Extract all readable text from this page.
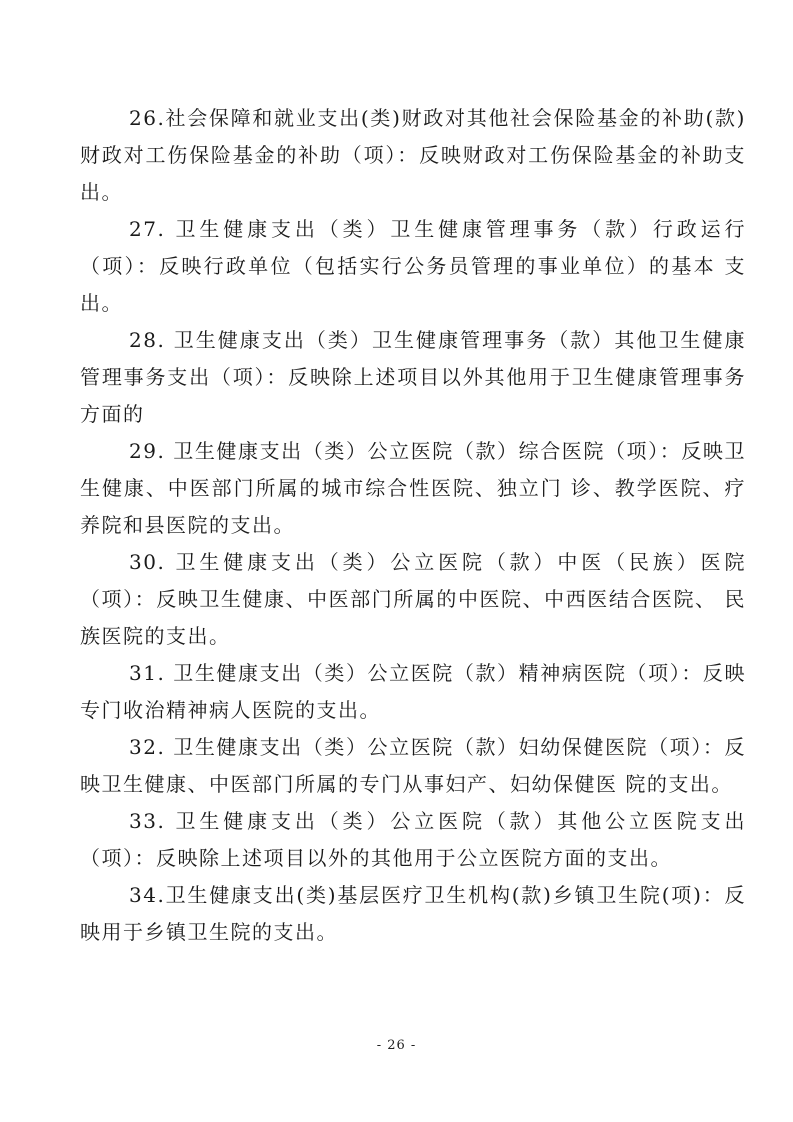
26.社会保障和就业支出(类)财政对其他社会保险基金的补助(款)财政对工伤保险基金的补助（项）：反映财政对工伤保险基金的补助支出。

27. 卫生健康支出（类）卫生健康管理事务（款）行政运行（项）：反映行政单位（包括实行公务员管理的事业单位）的基本 支出。

28. 卫生健康支出（类）卫生健康管理事务（款）其他卫生健康管理事务支出（项）：反映除上述项目以外其他用于卫生健康管理事务方面的

29. 卫生健康支出（类）公立医院（款）综合医院（项）：反映卫生健康、中医部门所属的城市综合性医院、独立门 诊、教学医院、疗养院和县医院的支出。

30. 卫生健康支出（类）公立医院（款）中医（民族）医院（项）：反映卫生健康、中医部门所属的中医院、中西医结合医院、 民族医院的支出。

31. 卫生健康支出（类）公立医院（款）精神病医院（项）：反映专门收治精神病人医院的支出。

32. 卫生健康支出（类）公立医院（款）妇幼保健医院（项）：反映卫生健康、中医部门所属的专门从事妇产、妇幼保健医 院的支出。

33. 卫生健康支出（类）公立医院（款）其他公立医院支出（项）：反映除上述项目以外的其他用于公立医院方面的支出。

34.卫生健康支出(类)基层医疗卫生机构(款)乡镇卫生院(项)：反映用于乡镇卫生院的支出。

- 26 -
